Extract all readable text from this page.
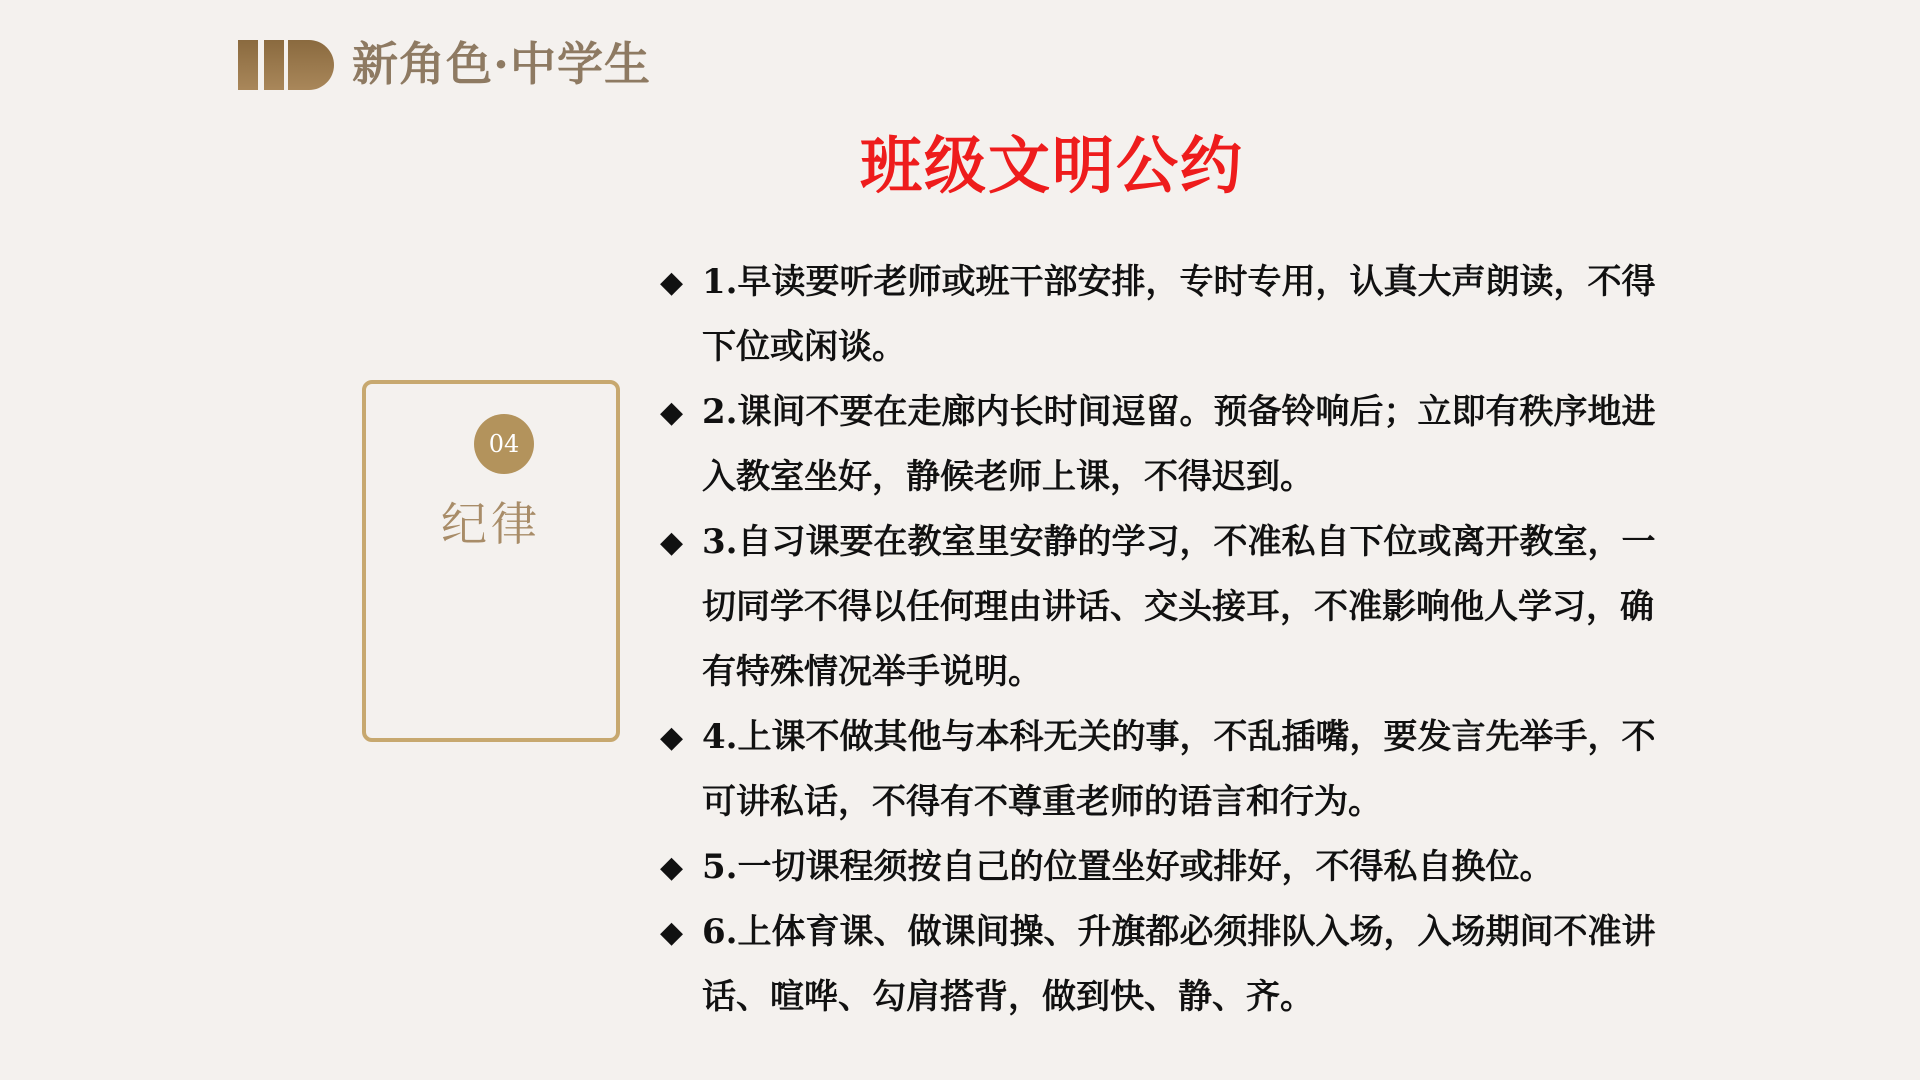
新角色·中学生
班级文明公约
04
纪律
◆ 1.早读要听老师或班干部安排，专时专用，认真大声朗读，不得下位或闲谈。
◆ 2.课间不要在走廊内长时间逗留。预备铃响后；立即有秩序地进入教室坐好，静候老师上课，不得迟到。
◆ 3.自习课要在教室里安静的学习，不准私自下位或离开教室，一切同学不得以任何理由讲话、交头接耳，不准影响他人学习，确有特殊情况举手说明。
◆ 4.上课不做其他与本科无关的事，不乱插嘴，要发言先举手，不可讲私话，不得有不尊重老师的语言和行为。
◆ 5.一切课程须按自己的位置坐好或排好，不得私自换位。
◆ 6.上体育课、做课间操、升旗都必须排队入场，入场期间不准讲话、喧哗、勾肩搭背，做到快、静、齐。
